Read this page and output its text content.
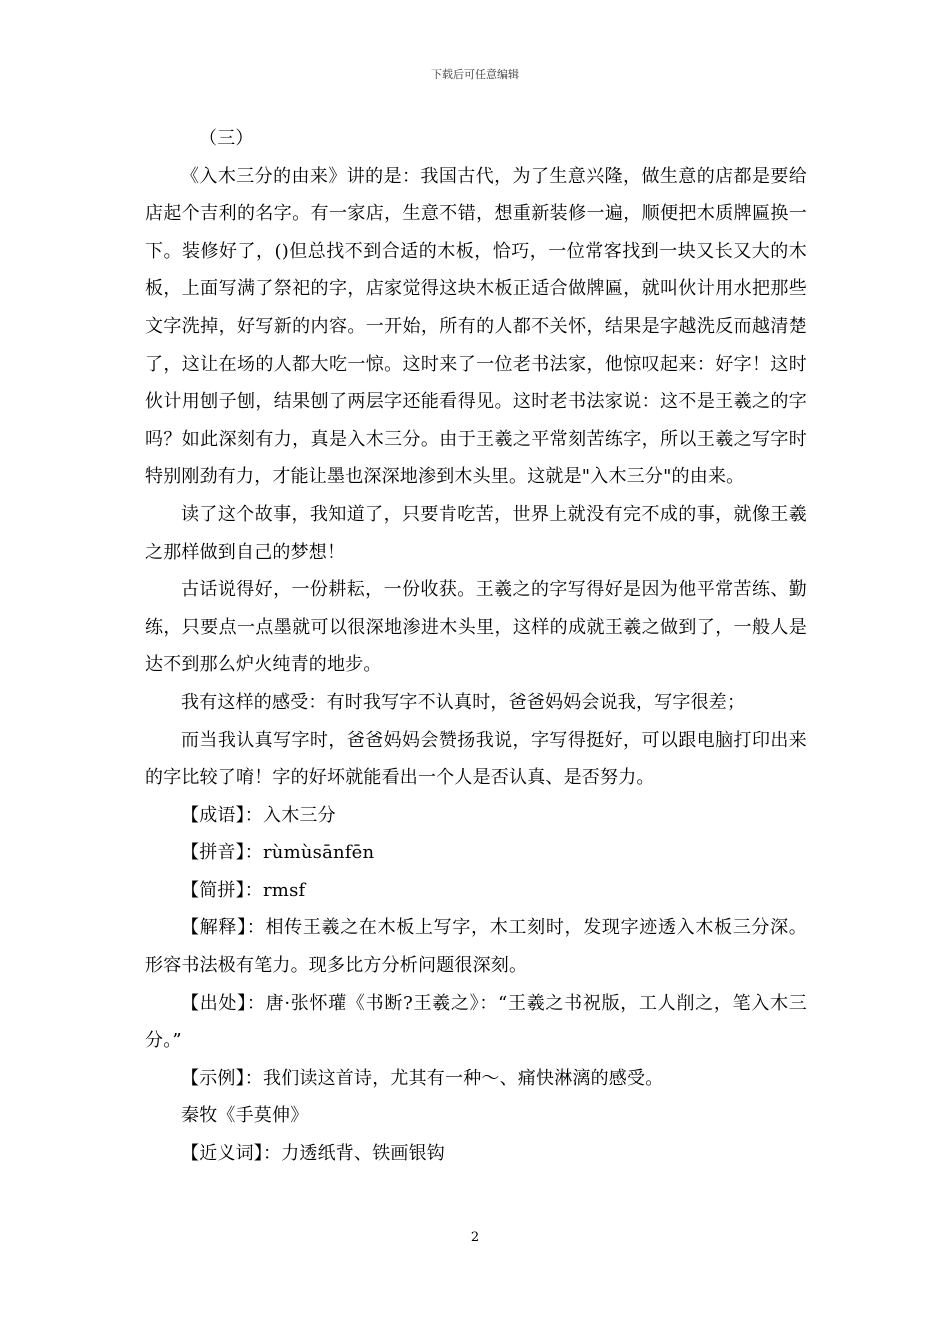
下载后可任意编辑

（三）

《入木三分的由来》讲的是：我国古代，为了生意兴隆，做生意的店都是要给店起个吉利的名字。有一家店，生意不错，想重新装修一遍，顺便把木质牌匾换一下。装修好了，()但总找不到合适的木板，恰巧，一位常客找到一块又长又大的木板，上面写满了祭祀的字，店家觉得这块木板正适合做牌匾，就叫伙计用水把那些文字洗掉，好写新的内容。一开始，所有的人都不关怀，结果是字越洗反而越清楚了，这让在场的人都大吃一惊。这时来了一位老书法家，他惊叹起来：好字！这时伙计用刨子刨，结果刨了两层字还能看得见。这时老书法家说：这不是王羲之的字吗？如此深刻有力，真是入木三分。由于王羲之平常刻苦练字，所以王羲之写字时特别刚劲有力，才能让墨也深深地渗到木头里。这就是"入木三分"的由来。

读了这个故事，我知道了，只要肯吃苦，世界上就没有完不成的事，就像王羲之那样做到自己的梦想！

古话说得好，一份耕耘，一份收获。王羲之的字写得好是因为他平常苦练、勤练，只要点一点墨就可以很深地渗进木头里，这样的成就王羲之做到了，一般人是达不到那么炉火纯青的地步。

我有这样的感受：有时我写字不认真时，爸爸妈妈会说我，写字很差；

而当我认真写字时，爸爸妈妈会赞扬我说，字写得挺好，可以跟电脑打印出来的字比较了唷！字的好坏就能看出一个人是否认真、是否努力。

【成语】：入木三分

【拼音】：rùmùsānfēn

【简拼】：rmsf

【解释】：相传王羲之在木板上写字，木工刻时，发现字迹透入木板三分深。形容书法极有笔力。现多比方分析问题很深刻。

【出处】：唐·张怀瓘《书断?王羲之》：“王羲之书祝版，工人削之，笔入木三分。”

【示例】：我们读这首诗，尤其有一种～、痛快淋漓的感受。

秦牧《手莫伸》

【近义词】：力透纸背、铁画银钩

2
